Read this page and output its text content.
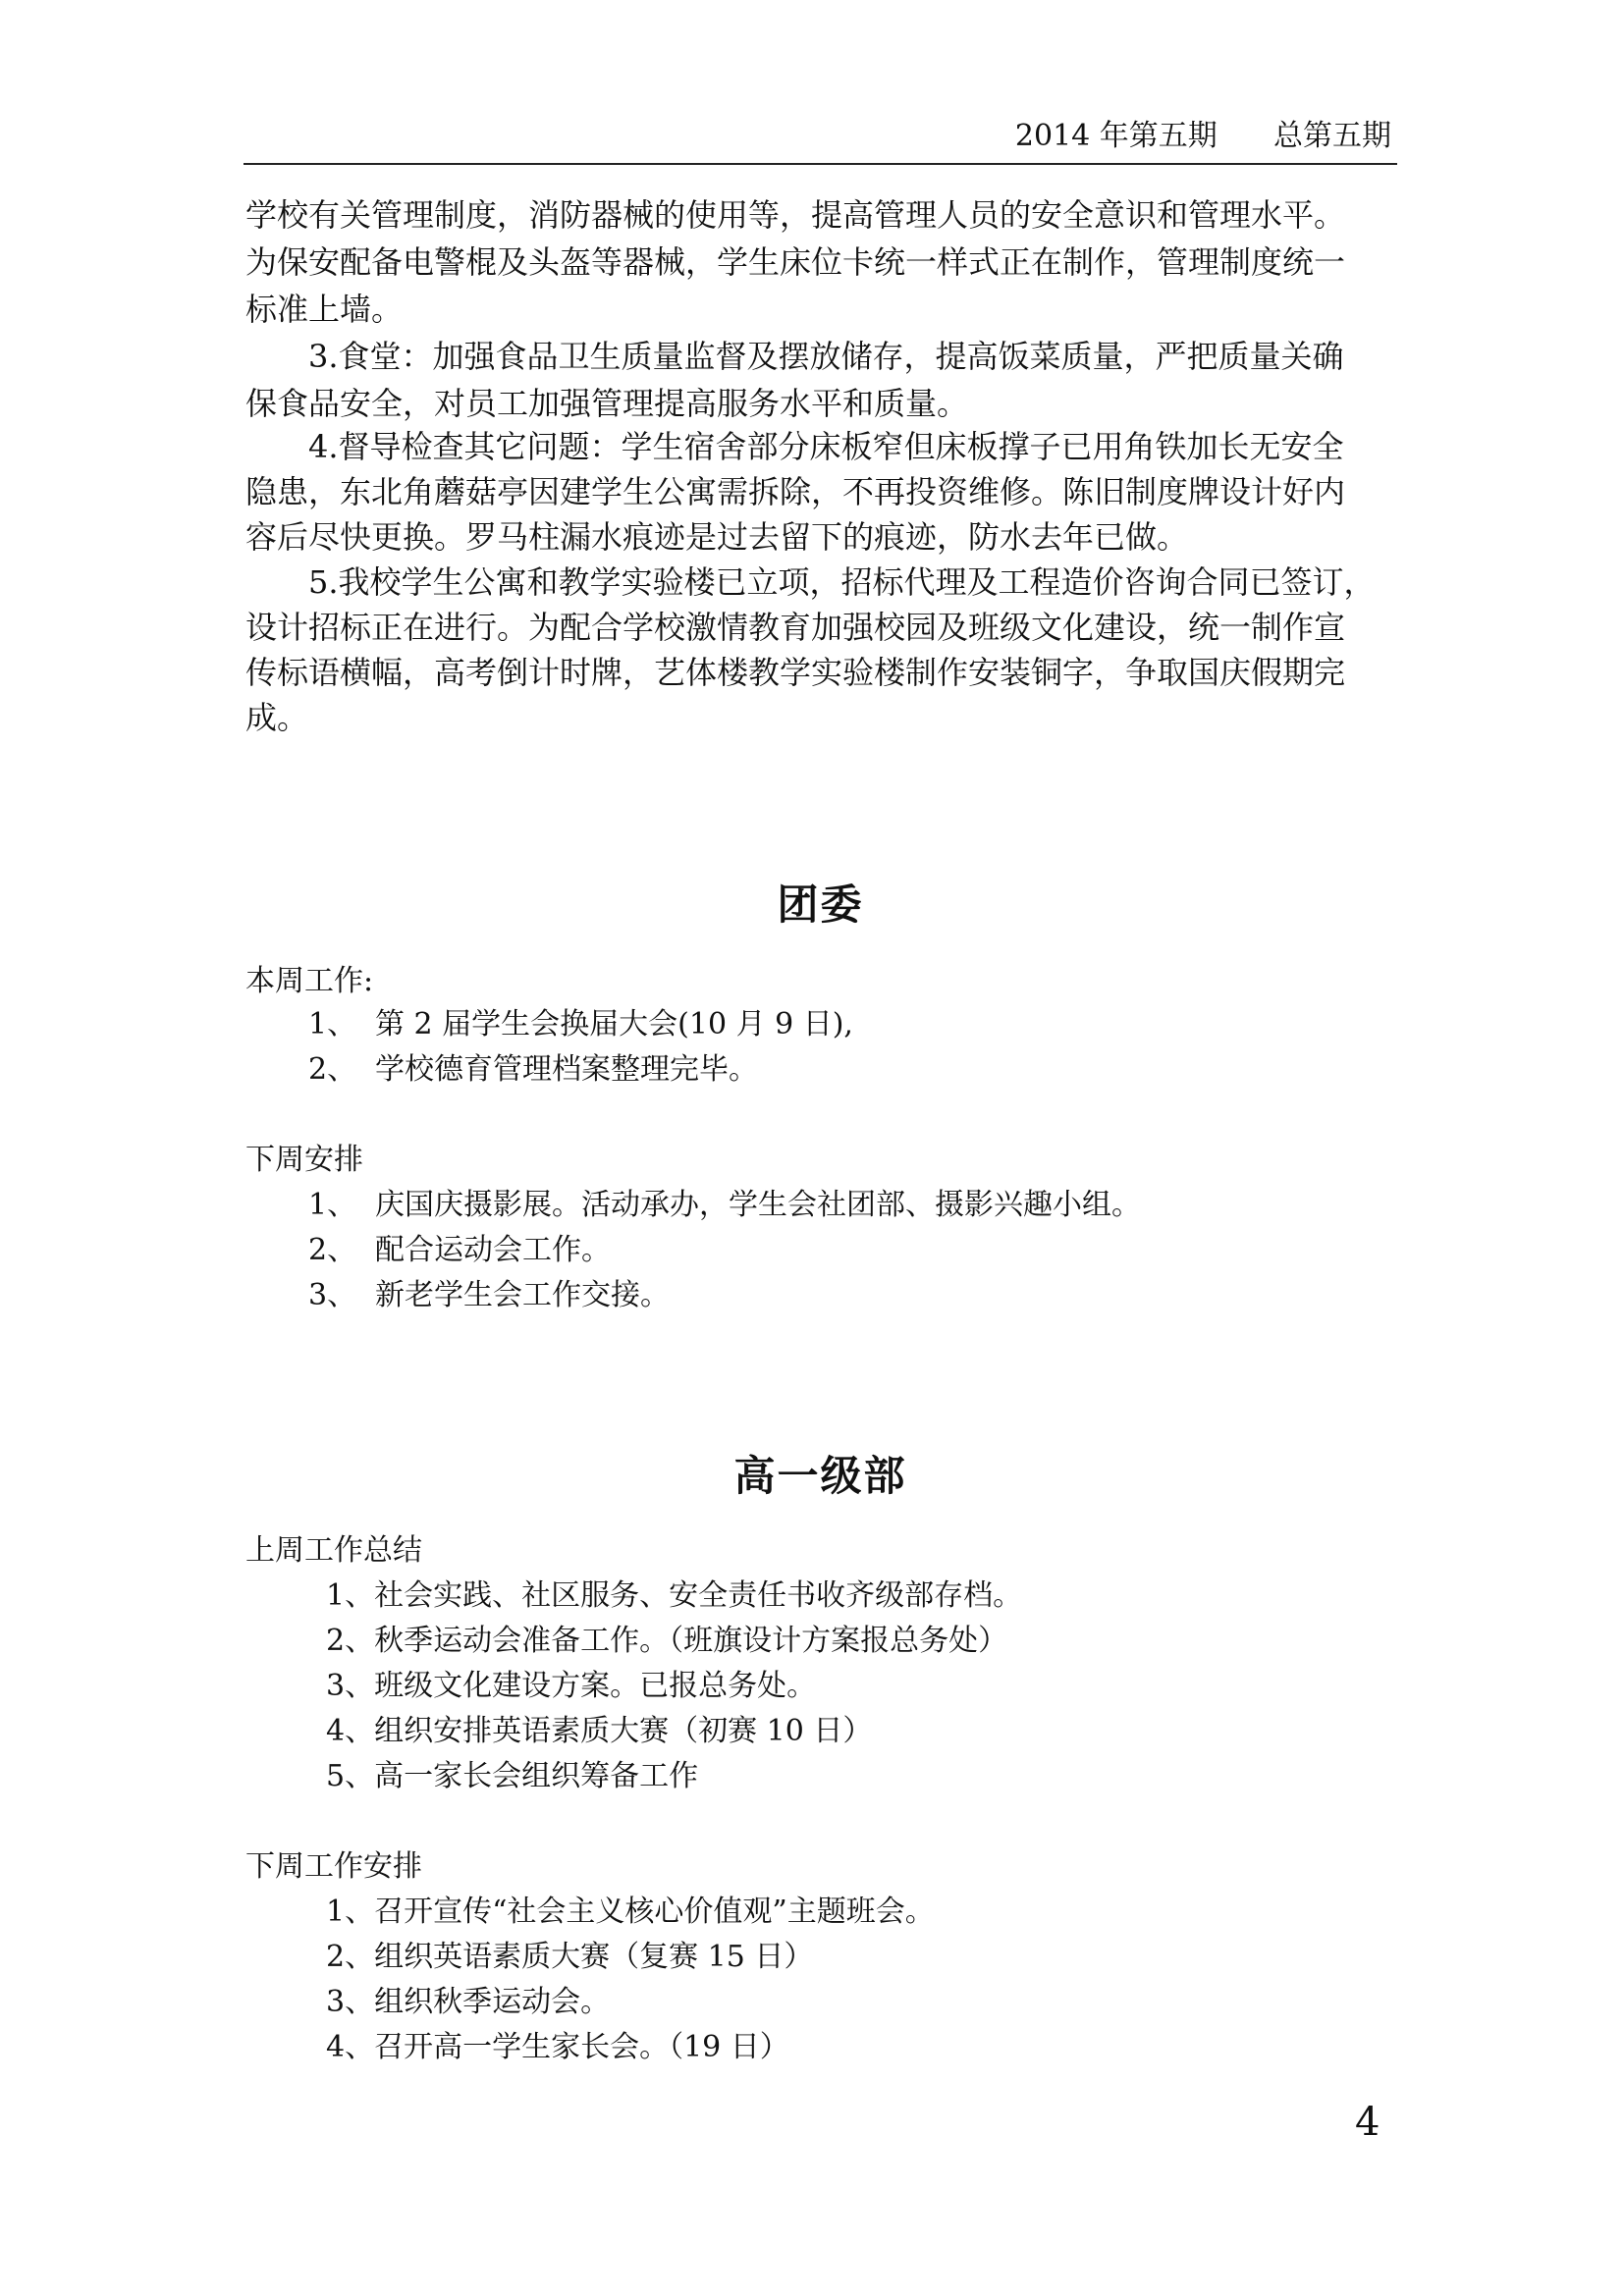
2014 年第五期 总第五期
学校有关管理制度，消防器械的使用等，提高管理人员的安全意识和管理水平。
为保安配备电警棍及头盔等器械，学生床位卡统一样式正在制作，管理制度统一
标准上墙。
3.食堂：加强食品卫生质量监督及摆放储存，提高饭菜质量，严把质量关确
保食品安全，对员工加强管理提高服务水平和质量。
4.督导检查其它问题：学生宿舍部分床板窄但床板撑子已用角铁加长无安全
隐患，东北角蘑菇亭因建学生公寓需拆除，不再投资维修。陈旧制度牌设计好内
容后尽快更换。罗马柱漏水痕迹是过去留下的痕迹，防水去年已做。
5.我校学生公寓和教学实验楼已立项，招标代理及工程造价咨询合同已签订，
设计招标正在进行。为配合学校激情教育加强校园及班级文化建设，统一制作宣
传标语横幅，高考倒计时牌，艺体楼教学实验楼制作安装铜字，争取国庆假期完
成。
团委
本周工作:
1、 第 2 届学生会换届大会(10 月 9 日),
2、 学校德育管理档案整理完毕。
下周安排
1、 庆国庆摄影展。活动承办，学生会社团部、摄影兴趣小组。
2、 配合运动会工作。
3、 新老学生会工作交接。
高一级部
上周工作总结
1、社会实践、社区服务、安全责任书收齐级部存档。
2、秋季运动会准备工作。（班旗设计方案报总务处）
3、班级文化建设方案。已报总务处。
4、组织安排英语素质大赛（初赛 10 日）
5、高一家长会组织筹备工作
下周工作安排
1、召开宣传“社会主义核心价值观”主题班会。
2、组织英语素质大赛（复赛 15 日）
3、组织秋季运动会。
4、召开高一学生家长会。（19 日）
4
